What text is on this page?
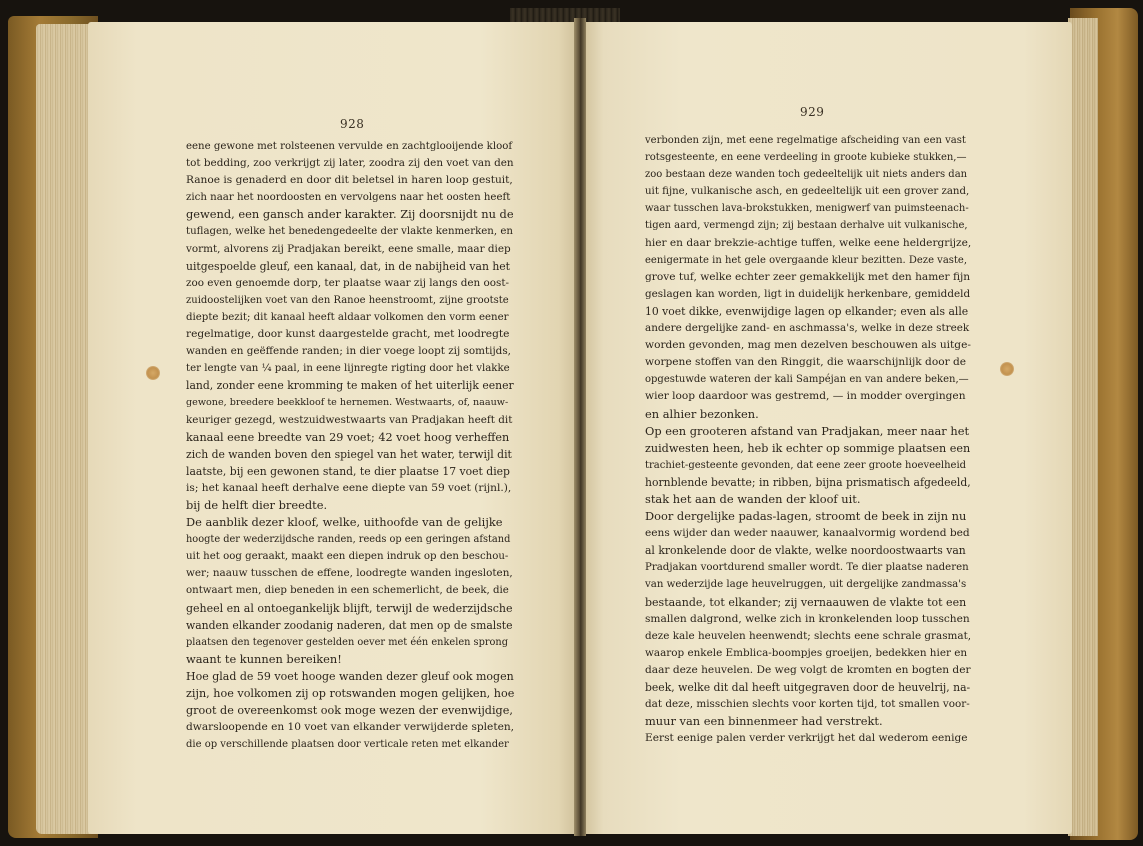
928
929
eene gewone met rolsteenen vervulde en zachtglooijende kloof
tot bedding, zoo verkrijgt zij later, zoodra zij den voet van den
Ranoe is genaderd en door dit beletsel in haren loop gestuit,
zich naar het noordoosten en vervolgens naar het oosten heeft
gewend, een gansch ander karakter. Zij doorsnijdt nu de
tuflagen, welke het benedengedeelte der vlakte kenmerken, en
vormt, alvorens zij Pradjakan bereikt, eene smalle, maar diep
uitgespoelde gleuf, een kanaal, dat, in de nabijheid van het
zoo even genoemde dorp, ter plaatse waar zij langs den oost-
zuidoostelijken voet van den Ranoe heenstroomt, zijne grootste
diepte bezit; dit kanaal heeft aldaar volkomen den vorm eener
regelmatige, door kunst daargestelde gracht, met loodregte
wanden en geëffende randen; in dier voege loopt zij somtijds,
ter lengte van ¼ paal, in eene lijnregte rigting door het vlakke
land, zonder eene kromming te maken of het uiterlijk eener
gewone, breedere beekkloof te hernemen. Westwaarts, of, naauw-
keuriger gezegd, westzuidwestwaarts van Pradjakan heeft dit
kanaal eene breedte van 29 voet; 42 voet hoog verheffen
zich de wanden boven den spiegel van het water, terwijl dit
laatste, bij een gewonen stand, te dier plaatse 17 voet diep
is; het kanaal heeft derhalve eene diepte van 59 voet (rijnl.),
bij de helft dier breedte.
De aanblik dezer kloof, welke, uithoofde van de gelijke
hoogte der wederzijdsche randen, reeds op een geringen afstand
uit het oog geraakt, maakt een diepen indruk op den beschou-
wer; naauw tusschen de effene, loodregte wanden ingesloten,
ontwaart men, diep beneden in een schemerlicht, de beek, die
geheel en al ontoegankelijk blijft, terwijl de wederzijdsche
wanden elkander zoodanig naderen, dat men op de smalste
plaatsen den tegenover gestelden oever met één enkelen sprong
waant te kunnen bereiken!
Hoe glad de 59 voet hooge wanden dezer gleuf ook mogen
zijn, hoe volkomen zij op rotswanden mogen gelijken, hoe
groot de overeenkomst ook moge wezen der evenwijdige,
dwarsloopende en 10 voet van elkander verwijderde spleten,
die op verschillende plaatsen door verticale reten met elkander
verbonden zijn, met eene regelmatige afscheiding van een vast
rotsgesteente, en eene verdeeling in groote kubieke stukken,—
zoo bestaan deze wanden toch gedeeltelijk uit niets anders dan
uit fijne, vulkanische asch, en gedeeltelijk uit een grover zand,
waar tusschen lava-brokstukken, menigwerf van puimsteenach-
tigen aard, vermengd zijn; zij bestaan derhalve uit vulkanische,
hier en daar brekzie-achtige tuffen, welke eene heldergrijze,
eenigermate in het gele overgaande kleur bezitten. Deze vaste,
grove tuf, welke echter zeer gemakkelijk met den hamer fijn
geslagen kan worden, ligt in duidelijk herkenbare, gemiddeld
10 voet dikke, evenwijdige lagen op elkander; even als alle
andere dergelijke zand- en aschmassa's, welke in deze streek
worden gevonden, mag men dezelven beschouwen als uitge-
worpene stoffen van den Ringgit, die waarschijnlijk door de
opgestuwde wateren der kali Sampéjan en van andere beken,—
wier loop daardoor was gestremd, — in modder overgingen
en alhier bezonken.
Op een grooteren afstand van Pradjakan, meer naar het
zuidwesten heen, heb ik echter op sommige plaatsen een
trachiet-gesteente gevonden, dat eene zeer groote hoeveelheid
hornblende bevatte; in ribben, bijna prismatisch afgedeeld,
stak het aan de wanden der kloof uit.
Door dergelijke padas-lagen, stroomt de beek in zijn nu
eens wijder dan weder naauwer, kanaalvormig wordend bed
al kronkelende door de vlakte, welke noordoostwaarts van
Pradjakan voortdurend smaller wordt. Te dier plaatse naderen
van wederzijde lage heuvelruggen, uit dergelijke zandmassa's
bestaande, tot elkander; zij vernaauwen de vlakte tot een
smallen dalgrond, welke zich in kronkelenden loop tusschen
deze kale heuvelen heenwendt; slechts eene schrale grasmat,
waarop enkele Emblica-boompjes groeijen, bedekken hier en
daar deze heuvelen. De weg volgt de kromten en bogten der
beek, welke dit dal heeft uitgegraven door de heuvelrij, na-
dat deze, misschien slechts voor korten tijd, tot smallen voor-
muur van een binnenmeer had verstrekt.
Eerst eenige palen verder verkrijgt het dal wederom eenige
